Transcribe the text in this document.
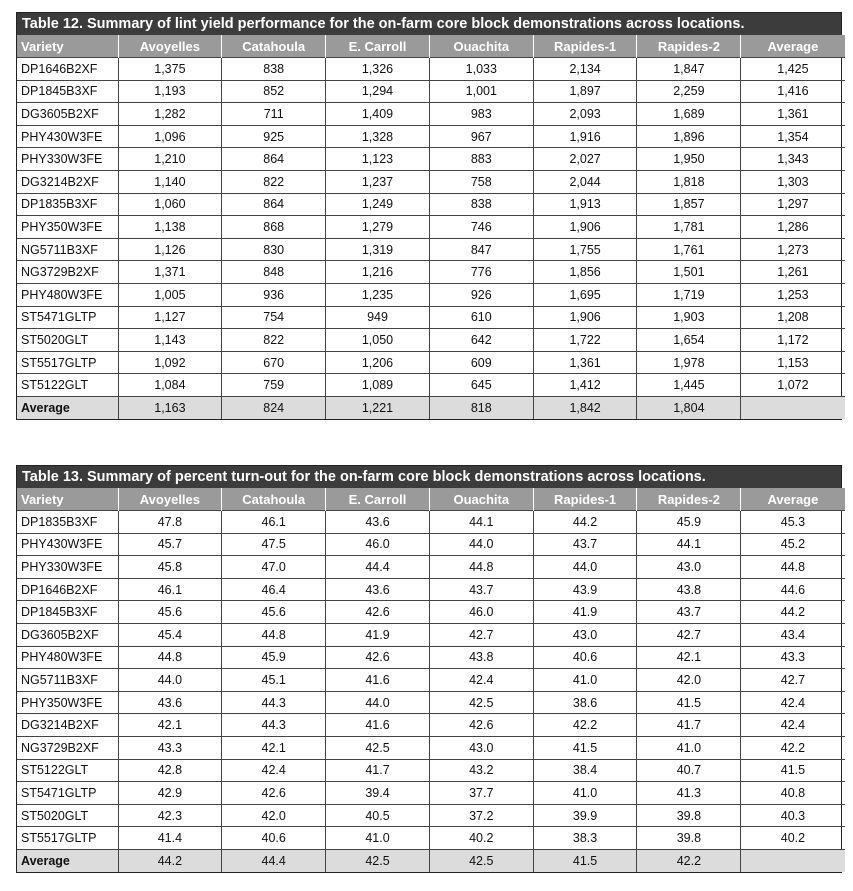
Table 12. Summary of lint yield performance for the on-farm core block demonstrations across locations.
Variety	Avoyelles	Catahoula	E. Carroll	Ouachita	Rapides-1	Rapides-2	Average
DP1646B2XF	1,375	838	1,326	1,033	2,134	1,847	1,425
DP1845B3XF	1,193	852	1,294	1,001	1,897	2,259	1,416
DG3605B2XF	1,282	711	1,409	983	2,093	1,689	1,361
PHY430W3FE	1,096	925	1,328	967	1,916	1,896	1,354
PHY330W3FE	1,210	864	1,123	883	2,027	1,950	1,343
DG3214B2XF	1,140	822	1,237	758	2,044	1,818	1,303
DP1835B3XF	1,060	864	1,249	838	1,913	1,857	1,297
PHY350W3FE	1,138	868	1,279	746	1,906	1,781	1,286
NG5711B3XF	1,126	830	1,319	847	1,755	1,761	1,273
NG3729B2XF	1,371	848	1,216	776	1,856	1,501	1,261
PHY480W3FE	1,005	936	1,235	926	1,695	1,719	1,253
ST5471GLTP	1,127	754	949	610	1,906	1,903	1,208
ST5020GLT	1,143	822	1,050	642	1,722	1,654	1,172
ST5517GLTP	1,092	670	1,206	609	1,361	1,978	1,153
ST5122GLT	1,084	759	1,089	645	1,412	1,445	1,072
Average	1,163	824	1,221	818	1,842	1,804	
Table 13. Summary of percent turn-out for the on-farm core block demonstrations across locations.
Variety	Avoyelles	Catahoula	E. Carroll	Ouachita	Rapides-1	Rapides-2	Average
DP1835B3XF	47.8	46.1	43.6	44.1	44.2	45.9	45.3
PHY430W3FE	45.7	47.5	46.0	44.0	43.7	44.1	45.2
PHY330W3FE	45.8	47.0	44.4	44.8	44.0	43.0	44.8
DP1646B2XF	46.1	46.4	43.6	43.7	43.9	43.8	44.6
DP1845B3XF	45.6	45.6	42.6	46.0	41.9	43.7	44.2
DG3605B2XF	45.4	44.8	41.9	42.7	43.0	42.7	43.4
PHY480W3FE	44.8	45.9	42.6	43.8	40.6	42.1	43.3
NG5711B3XF	44.0	45.1	41.6	42.4	41.0	42.0	42.7
PHY350W3FE	43.6	44.3	44.0	42.5	38.6	41.5	42.4
DG3214B2XF	42.1	44.3	41.6	42.6	42.2	41.7	42.4
NG3729B2XF	43.3	42.1	42.5	43.0	41.5	41.0	42.2
ST5122GLT	42.8	42.4	41.7	43.2	38.4	40.7	41.5
ST5471GLTP	42.9	42.6	39.4	37.7	41.0	41.3	40.8
ST5020GLT	42.3	42.0	40.5	37.2	39.9	39.8	40.3
ST5517GLTP	41.4	40.6	41.0	40.2	38.3	39.8	40.2
Average	44.2	44.4	42.5	42.5	41.5	42.2	
